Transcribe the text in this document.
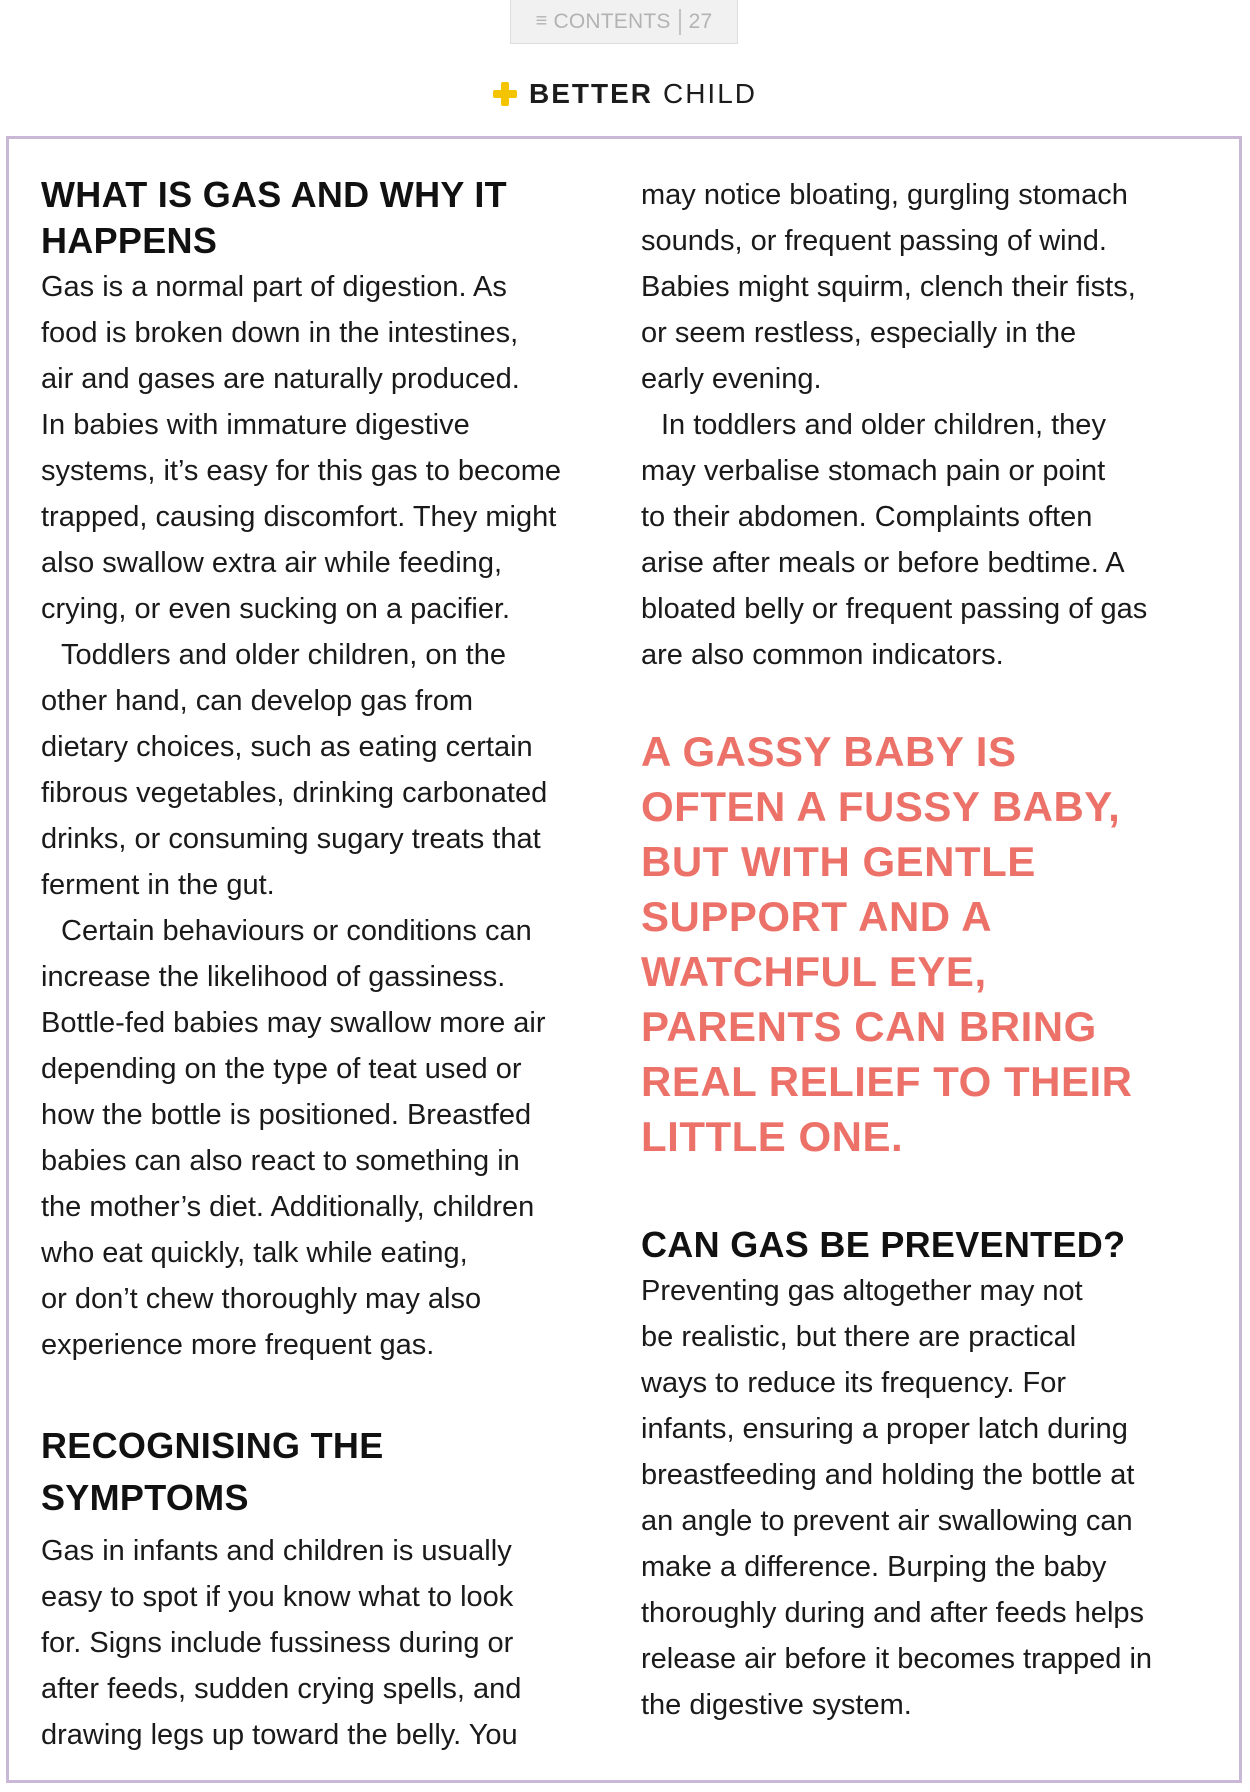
≡ CONTENTS 27
BETTER CHILD
WHAT IS GAS AND WHY IT
HAPPENS

Gas is a normal part of digestion. As
food is broken down in the intestines,
air and gases are naturally produced.
In babies with immature digestive
systems, it’s easy for this gas to become
trapped, causing discomfort. They might
also swallow extra air while feeding,
crying, or even sucking on a pacifier.

Toddlers and older children, on the
other hand, can develop gas from
dietary choices, such as eating certain
fibrous vegetables, drinking carbonated
drinks, or consuming sugary treats that
ferment in the gut.

Certain behaviours or conditions can
increase the likelihood of gassiness.
Bottle-fed babies may swallow more air
depending on the type of teat used or
how the bottle is positioned. Breastfed
babies can also react to something in
the mother’s diet. Additionally, children
who eat quickly, talk while eating,
or don’t chew thoroughly may also
experience more frequent gas.

RECOGNISING THE
SYMPTOMS

Gas in infants and children is usually
easy to spot if you know what to look
for. Signs include fussiness during or
after feeds, sudden crying spells, and
drawing legs up toward the belly. You

may notice bloating, gurgling stomach
sounds, or frequent passing of wind.
Babies might squirm, clench their fists,
or seem restless, especially in the
early evening.

In toddlers and older children, they
may verbalise stomach pain or point
to their abdomen. Complaints often
arise after meals or before bedtime. A
bloated belly or frequent passing of gas
are also common indicators.

A GASSY BABY IS
OFTEN A FUSSY BABY,
BUT WITH GENTLE
SUPPORT AND A
WATCHFUL EYE,
PARENTS CAN BRING
REAL RELIEF TO THEIR
LITTLE ONE.
CAN GAS BE PREVENTED?

Preventing gas altogether may not
be realistic, but there are practical
ways to reduce its frequency. For
infants, ensuring a proper latch during
breastfeeding and holding the bottle at
an angle to prevent air swallowing can
make a difference. Burping the baby
thoroughly during and after feeds helps
release air before it becomes trapped in
the digestive system.
